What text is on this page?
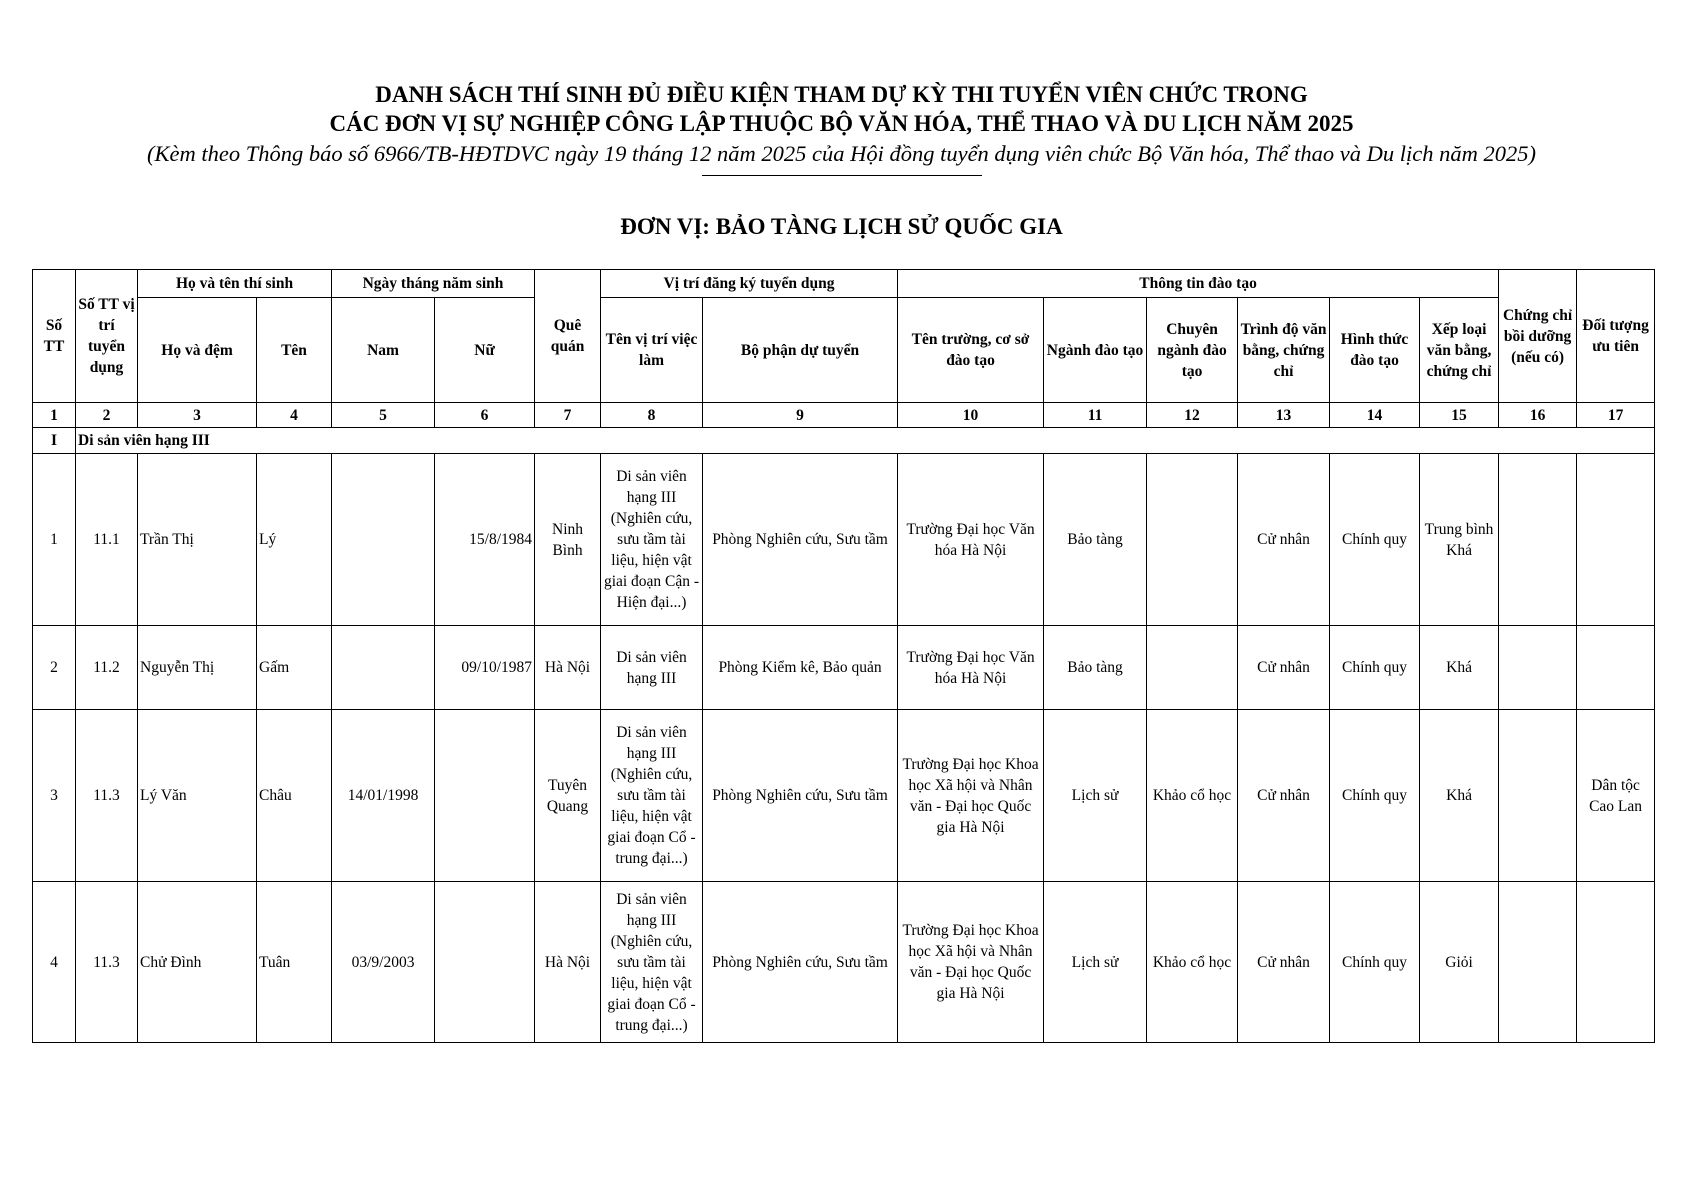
DANH SÁCH THÍ SINH ĐỦ ĐIỀU KIỆN THAM DỰ KỲ THI TUYỂN VIÊN CHỨC TRONG
CÁC ĐƠN VỊ SỰ NGHIỆP CÔNG LẬP THUỘC BỘ VĂN HÓA, THỂ THAO VÀ DU LỊCH NĂM 2025
(Kèm theo Thông báo số 6966/TB-HĐTDVC ngày 19 tháng 12 năm 2025 của Hội đồng tuyển dụng viên chức Bộ Văn hóa, Thể thao và Du lịch năm 2025)
ĐƠN VỊ: BẢO TÀNG LỊCH SỬ QUỐC GIA
Số TT	Số TT vị trí tuyển dụng	Họ và tên thí sinh		Ngày tháng năm sinh		Quê quán	Vị trí đăng ký tuyển dụng		Thông tin đào tạo						Chứng chỉ bồi dưỡng (nếu có)	Đối tượng ưu tiên
		Họ và đệm	Tên	Nam	Nữ		Tên vị trí việc làm	Bộ phận dự tuyển	Tên trường, cơ sở đào tạo	Ngành đào tạo	Chuyên ngành đào tạo	Trình độ văn bằng, chứng chỉ	Hình thức đào tạo	Xếp loại văn bằng, chứng chỉ		
1	2	3	4	5	6	7	8	9	10	11	12	13	14	15	16	17
I	Di sản viên hạng III															
1	11.1	Trần Thị	Lý		15/8/1984	Ninh Bình	Di sản viên hạng III (Nghiên cứu, sưu tầm tài liệu, hiện vật giai đoạn Cận - Hiện đại...)	Phòng Nghiên cứu, Sưu tầm	Trường Đại học Văn hóa Hà Nội	Bảo tàng		Cử nhân	Chính quy	Trung bình Khá		
2	11.2	Nguyễn Thị	Gấm		09/10/1987	Hà Nội	Di sản viên hạng III	Phòng Kiểm kê, Bảo quản	Trường Đại học Văn hóa Hà Nội	Bảo tàng		Cử nhân	Chính quy	Khá		
3	11.3	Lý Văn	Châu	14/01/1998		Tuyên Quang	Di sản viên hạng III (Nghiên cứu, sưu tầm tài liệu, hiện vật giai đoạn Cổ - trung đại...)	Phòng Nghiên cứu, Sưu tầm	Trường Đại học Khoa học Xã hội và Nhân văn - Đại học Quốc gia Hà Nội	Lịch sử	Khảo cổ học	Cử nhân	Chính quy	Khá		Dân tộc Cao Lan
4	11.3	Chử Đình	Tuân	03/9/2003		Hà Nội	Di sản viên hạng III (Nghiên cứu, sưu tầm tài liệu, hiện vật giai đoạn Cổ - trung đại...)	Phòng Nghiên cứu, Sưu tầm	Trường Đại học Khoa học Xã hội và Nhân văn - Đại học Quốc gia Hà Nội	Lịch sử	Khảo cổ học	Cử nhân	Chính quy	Giỏi		
